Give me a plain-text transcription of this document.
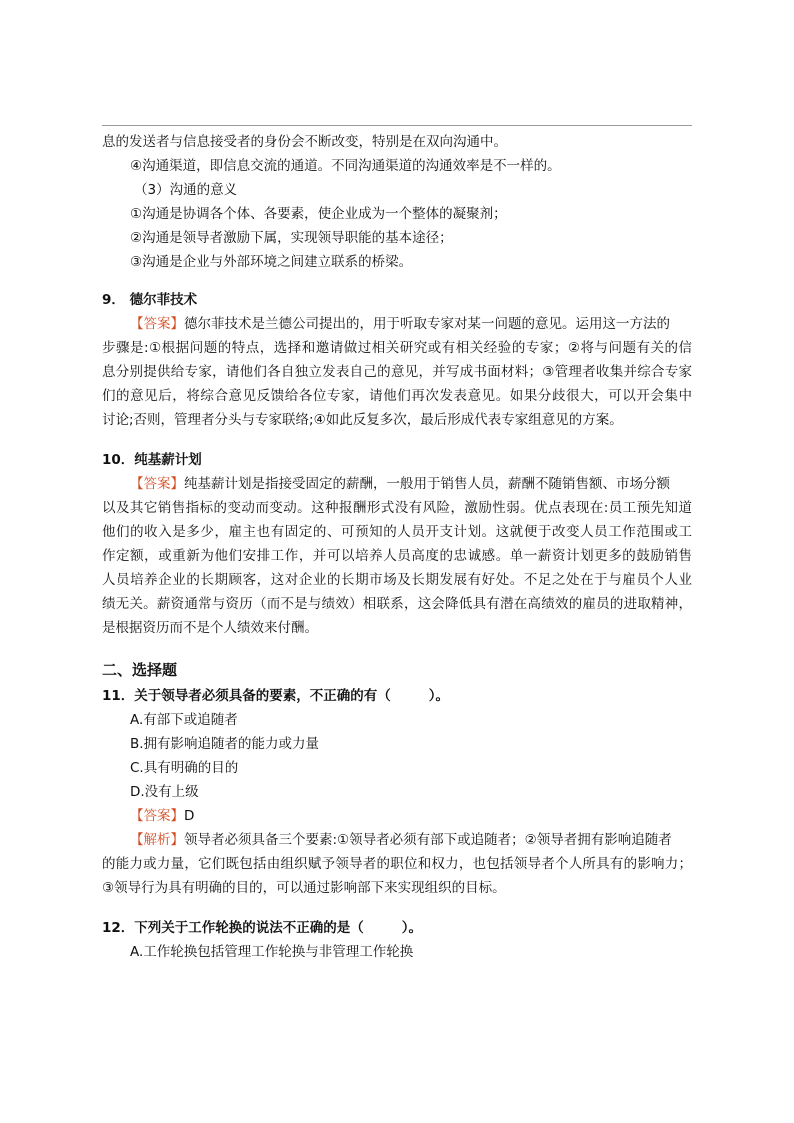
息的发送者与信息接受者的身份会不断改变，特别是在双向沟通中。
④沟通渠道，即信息交流的通道。不同沟通渠道的沟通效率是不一样的。
（3）沟通的意义
①沟通是协调各个体、各要素，使企业成为一个整体的凝聚剂；
②沟通是领导者激励下属，实现领导职能的基本途径；
③沟通是企业与外部环境之间建立联系的桥梁。
9． 德尔菲技术
【答案】德尔菲技术是兰德公司提出的，用于听取专家对某一问题的意见。运用这一方法的
步骤是:①根据问题的特点，选择和邀请做过相关研究或有相关经验的专家；②将与问题有关的信
息分别提供给专家，请他们各自独立发表自己的意见，并写成书面材料；③管理者收集并综合专家
们的意见后，将综合意见反馈给各位专家，请他们再次发表意见。如果分歧很大，可以开会集中
讨论;否则，管理者分头与专家联络;④如此反复多次，最后形成代表专家组意见的方案。
10．纯基薪计划
【答案】纯基薪计划是指接受固定的薪酬，一般用于销售人员，薪酬不随销售额、市场分额
以及其它销售指标的变动而变动。这种报酬形式没有风险，激励性弱。优点表现在:员工预先知道
他们的收入是多少，雇主也有固定的、可预知的人员开支计划。这就便于改变人员工作范围或工
作定额，或重新为他们安排工作，并可以培养人员高度的忠诚感。单一薪资计划更多的鼓励销售
人员培养企业的长期顾客，这对企业的长期市场及长期发展有好处。不足之处在于与雇员个人业
绩无关。薪资通常与资历（而不是与绩效）相联系，这会降低具有潜在高绩效的雇员的进取精神，
是根据资历而不是个人绩效来付酬。
二、选择题
11．关于领导者必须具备的要素，不正确的有（	）。
A.有部下或追随者
B.拥有影响追随者的能力或力量
C.具有明确的目的
D.没有上级
【答案】D
【解析】领导者必须具备三个要素:①领导者必须有部下或追随者；②领导者拥有影响追随者
的能力或力量，它们既包括由组织赋予领导者的职位和权力，也包括领导者个人所具有的影响力；
③领导行为具有明确的目的，可以通过影响部下来实现组织的目标。
12．下列关于工作轮换的说法不正确的是（	）。
A.工作轮换包括管理工作轮换与非管理工作轮换
